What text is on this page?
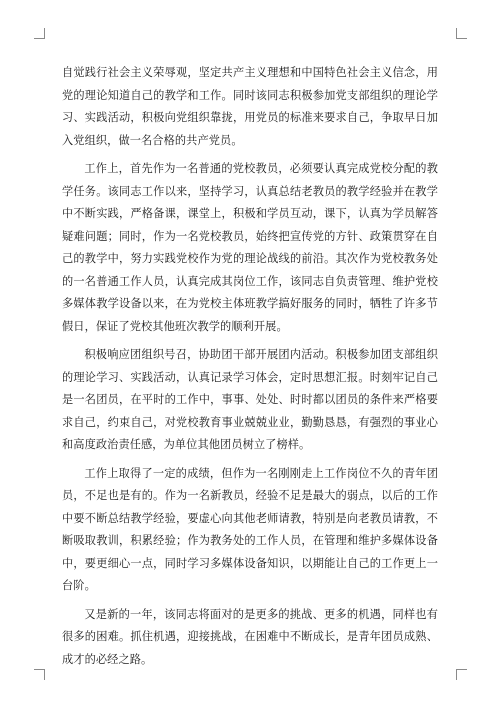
自觉践行社会主义荣辱观，坚定共产主义理想和中国特色社会主义信念，用党的理论知道自己的教学和工作。同时该同志积极参加党支部组织的理论学习、实践活动，积极向党组织靠拢，用党员的标准来要求自己，争取早日加入党组织，做一名合格的共产党员。

工作上，首先作为一名普通的党校教员，必须要认真完成党校分配的教学任务。该同志工作以来，坚持学习，认真总结老教员的教学经验并在教学中不断实践，严格备课，课堂上，积极和学员互动，课下，认真为学员解答疑难问题；同时，作为一名党校教员，始终把宣传党的方针、政策贯穿在自己的教学中，努力实践党校作为党的理论战线的前沿。其次作为党校教务处的一名普通工作人员，认真完成其岗位工作，该同志自负责管理、维护党校多媒体教学设备以来，在为党校主体班教学搞好服务的同时，牺牲了许多节假日，保证了党校其他班次教学的顺利开展。

积极响应团组织号召，协助团干部开展团内活动。积极参加团支部组织的理论学习、实践活动，认真记录学习体会，定时思想汇报。时刻牢记自己是一名团员，在平时的工作中，事事、处处、时时都以团员的条件来严格要求自己，约束自己，对党校教育事业兢兢业业，勤勤恳恳，有强烈的事业心和高度政治责任感，为单位其他团员树立了榜样。

工作上取得了一定的成绩，但作为一名刚刚走上工作岗位不久的青年团员，不足也是有的。作为一名新教员，经验不足是最大的弱点，以后的工作中要不断总结教学经验，要虚心向其他老师请教，特别是向老教员请教，不断吸取教训，积累经验；作为教务处的工作人员，在管理和维护多媒体设备中，要更细心一点，同时学习多媒体设备知识，以期能让自己的工作更上一台阶。

又是新的一年，该同志将面对的是更多的挑战、更多的机遇，同样也有很多的困难。抓住机遇，迎接挑战，在困难中不断成长，是青年团员成熟、成才的必经之路。
